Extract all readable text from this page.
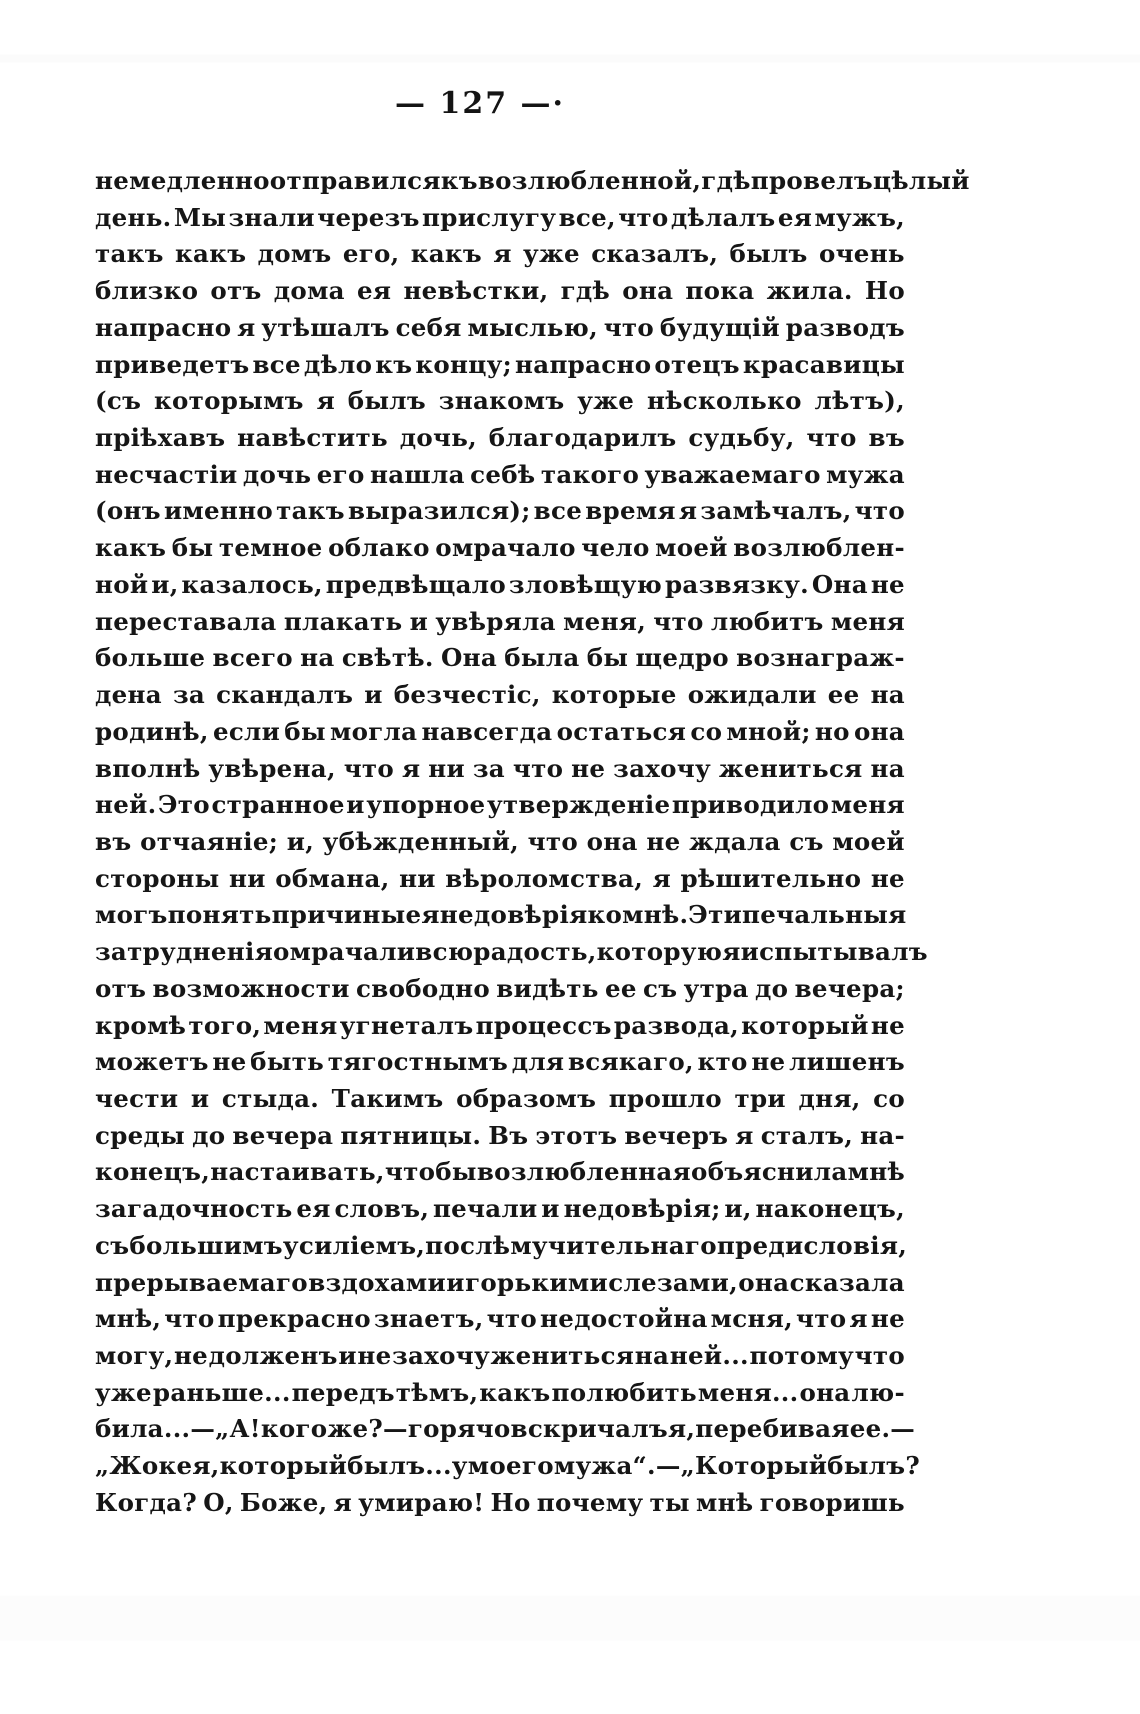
— 127 —·
немедленно отправился къ возлюбленной, гдѣ провелъ цѣлый
день. Мы знали черезъ прислугу все, что дѣлалъ ея мужъ,
такъ какъ домъ его, какъ я уже сказалъ, былъ очень
близко отъ дома ея невѣстки, гдѣ она пока жила. Но
напрасно я утѣшалъ себя мыслью, что будущій разводъ
приведетъ все дѣло къ концу; напрасно отецъ красавицы
(съ которымъ я былъ знакомъ уже нѣсколько лѣтъ),
пріѣхавъ навѣстить дочь, благодарилъ судьбу, что въ
несчастіи дочь его нашла себѣ такого уважаемаго мужа
(онъ именно такъ выразился); все время я замѣчалъ, что
какъ бы темное облако омрачало чело моей возлюблен-
ной и, казалось, предвѣщало зловѣщую развязку. Она не
переставала плакать и увѣряла меня, что любитъ меня
больше всего на свѣтѣ. Она была бы щедро вознаграж-
дена за скандалъ и безчестіс, которые ожидали ее на
родинѣ, если бы могла навсегда остаться со мной; но она
вполнѣ увѣрена, что я ни за что не захочу жениться на
ней. Это странное и упорное утвержденіе приводило меня
въ отчаяніе; и, убѣжденный, что она не ждала съ моей
стороны ни обмана, ни вѣроломства, я рѣшительно не
могъ понять причины ея недовѣрія ко мнѣ. Эти печальныя
затрудненія омрачали всю радость, которую я испытывалъ
отъ возможности свободно видѣть ее съ утра до вечера;
кромѣ того, меня угнеталъ процессъ развода, который не
можетъ не быть тягостнымъ для всякаго, кто не лишенъ
чести и стыда. Такимъ образомъ прошло три дня, со
среды до вечера пятницы. Въ этотъ вечеръ я сталъ, на-
конецъ, настаивать, чтобы возлюбленная объяснила мнѣ
загадочность ея словъ, печали и недовѣрія; и, наконецъ,
съ большимъ усиліемъ, послѣ мучительнаго предисловія,
прерываемаго вздохами и горькими слезами, она сказала
мнѣ, что прекрасно знаетъ, что недостойна мсня, что я не
могу, не долженъ и не захочу жениться на ней... потому что
уже раньше... передъ тѣмъ, какъ полюбить меня... она лю-
била...—„А! кого же?—горячо вскричалъ я, перебивая ее.—
„Жокея, который былъ... у моего мужа“.—„Который былъ?
Когда? О, Боже, я умираю! Но почему ты мнѣ говоришь
